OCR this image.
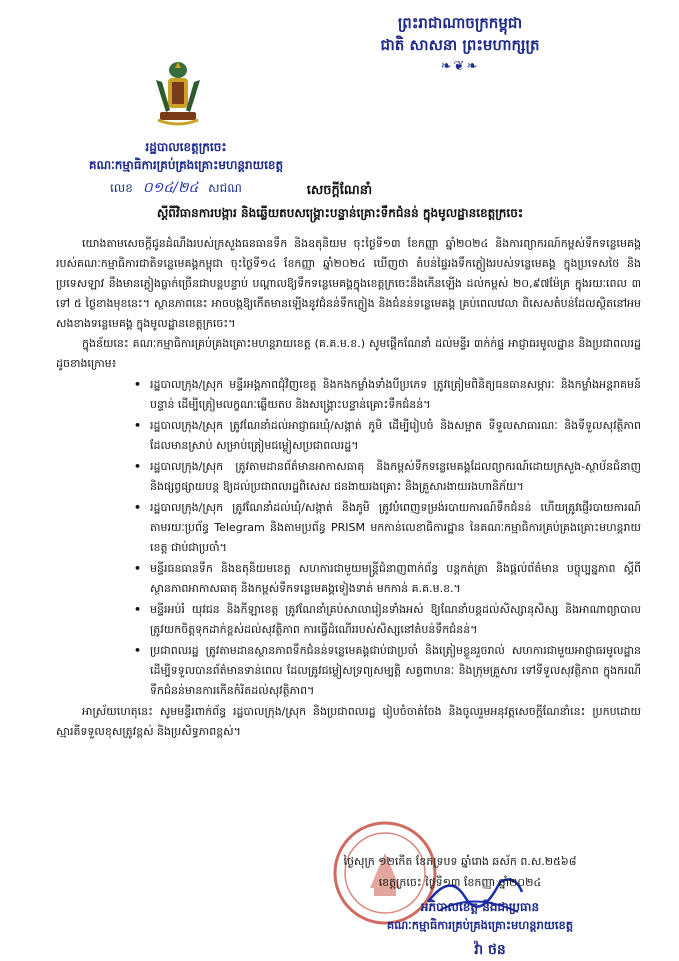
ព្រះរាជាណាចក្រកម្ពុជា
ជាតិ សាសនា ព្រះមហាក្សត្រ
❧❦❧
រដ្ឋបាលខេត្តក្រចេះ
គណៈកម្មាធិការគ្រប់គ្រងគ្រោះមហន្តរាយខេត្ត
លេខ ០១៤/២៤ សជណ	សេចក្តីណែនាំ
ស្តីពីវិធានការបង្ការ និងឆ្លើយតបសង្រ្គោះបន្ទាន់គ្រោះទឹកជំនន់ ក្នុងមូលដ្ឋានខេត្តក្រចេះ

យោងតាមសេចក្តីជូនដំណឹងរបស់ក្រសួងធនធានទឹក និងឧតុនិយម ចុះថ្ងៃទី១៣ ខែកញ្ញា ឆ្នាំ២០២៤ និងការព្យាករណ៍កម្ពស់ទឹកទន្លេមេគង្គរបស់គណៈកម្មាធិការជាតិទន្លេមេគង្គកម្ពុជា ចុះថ្ងៃទី១៤ ខែកញ្ញា ឆ្នាំ២០២៤ ឃើញថា តំបន់ផ្ទៃរងទឹកភ្លៀងរបស់ទន្លេមេគង្គ ក្នុងប្រទេសថៃ និងប្រទេសឡាវ នឹងមានភ្លៀងធ្លាក់ច្រើនជាបន្តបន្ទាប់ បណ្តាលឱ្យទឹកទន្លេមេគង្គក្នុងខេត្តក្រចេះនឹងកើនឡើង ដល់កម្ពស់ ២០,៩៧ម៉ែត្រ ក្នុងរយៈពេល ៣ ទៅ ៥ ថ្ងៃខាងមុខនេះ។ ស្ថានភាពនេះ អាចបង្កឱ្យកើតមានឡើងនូវជំនន់ទឹកភ្លៀង និងជំនន់ទន្លេមេគង្គ គ្រប់ពេលវេលា ពិសេសតំបន់ដែលស្ថិតនៅអមសងខាងទន្លេមេគង្គ ក្នុងមូលដ្ឋានខេត្តក្រចេះ។

ក្នុងន័យនេះ គណៈកម្មាធិការគ្រប់គ្រងគ្រោះមហន្តរាយខេត្ត (គ.គ.ម.ខ.) សូមផ្តើកណែនាំ ដល់មន្ទីរ ៣ក់ក់ផ្ទ អាជ្ញាធរមូលដ្ឋាន និងប្រជាពលរដ្ឋ ដូចខាងក្រោម៖

• រដ្ឋបាលក្រុង/ស្រុក មន្ទីរអង្គភាពជុំវិញខេត្ត និងកងកម្លាំងទាំងបីប្រភេទ ត្រូវត្រៀមពិនិត្យធនធានសម្ភារៈ និងកម្លាំងអន្តរាគមន៍បន្ទាន់ ដើម្បីត្រៀមលក្ខណៈឆ្លើយតប និងសង្គ្រោះបន្ទាន់គ្រោះទឹកជំនន់។
• រដ្ឋបាលក្រុង/ស្រុក ត្រូវណែនាំដល់អាជ្ញាធរឃុំ/សង្កាត់ ភូមិ ដើម្បីរៀបចំ និងសម្អាត ទីទួលសាធារណៈ និងទីទួលសុវត្ថិភាព ដែលមានស្រាប់ សម្រាប់ត្រៀមជម្លៀសប្រជាពលរដ្ឋ។
• រដ្ឋបាលក្រុង/ស្រុក ត្រូវតាមដានព័ត៌មានអាកាសធាតុ និងកម្ពស់ទឹកទន្លេមេគង្គដែលព្យាករណ៍ដោយក្រសួង-ស្ថាប័នជំនាញ និងផ្សព្វផ្សាយបន្ត ឱ្យដល់ប្រជាពលរដ្ឋពិសេស ជនងាយរងគ្រោះ និងគ្រួសារងាយរងហានិភ័យ។
• រដ្ឋបាលក្រុង/ស្រុក ត្រូវណែនាំដល់ឃុំ/សង្កាត់ និងភូមិ ត្រូវបំពេញទម្រង់របាយការណ៍ទឹកជំនន់ ហើយត្រូវផ្ញើរបាយការណ៍តាមរយៈប្រព័ន្ធ Telegram និងតាមប្រព័ន្ធ PRISM មកកាន់លេខាធិការដ្ឋាន នៃគណៈកម្មាធិការគ្រប់គ្រងគ្រោះមហន្តរាយខេត្ត ជាប់ជាប្រចាំ។
• មន្ទីរធនធានទឹក និងឧតុនិយមខេត្ត សហការជាមួយមន្ត្រីជំនាញពាក់ព័ន្ធ បន្តកត់ត្រា និងផ្តល់ព័ត៌មាន បច្ចុប្បន្នភាព ស្តីពីស្ថានភាពអាកាសធាតុ និងកម្ពស់ទឹកទន្លេមេគង្គទៀងទាត់ មកកាន់ គ.គ.ម.ខ.។
• មន្ទីរអប់រំ យុវជន និងកីឡាខេត្ត ត្រូវណែនាំគ្រប់សាលារៀនទាំងអស់ ឱ្យណែនាំបន្តដល់សិស្សានុសិស្ស និងអាណាព្យាបាល ត្រូវយកចិត្តទុកដាក់ខ្ពស់ដល់សុវត្ថិភាព ការធ្វើដំណើររបស់សិស្សនៅតំបន់ទឹកជំនន់។
• ប្រជាពលរដ្ឋ ត្រូវតាមដានស្ថានភាពទឹកជំនន់ទន្លេមេគង្គជាប់ជាប្រចាំ និងត្រៀមខ្លួនរួចរាល់ សហការជាមួយអាជ្ញាធរមូលដ្ឋាន ដើម្បីទទួលបានព័ត៌មានទាន់ពេល ដែលត្រូវជម្លៀសទ្រព្យសម្បត្តិ សត្វពាហនៈ និងក្រុមគ្រួសារ ទៅទីទួលសុវត្ថិភាព ក្នុងករណីទឹកជំនន់មានការកើនកំរិតដល់សុវត្ថិភាព។

អាស្រ័យហេតុនេះ សូមមន្ទីរពាក់ព័ន្ធ រដ្ឋបាលក្រុង/ស្រុក និងប្រជាពលរដ្ឋ រៀបចំចាត់ចែង និងចូលរួមអនុវត្តសេចក្តីណែនាំនេះ ប្រកបដោយស្មារតីទទួលខុសត្រូវខ្ពស់ និងប្រសិទ្ធភាពខ្ពស់។

ថ្ងៃសុក្រ ១២កើត ខែភទ្របទ ឆ្នាំរោង ឆស័ក ព.ស.២៥៦៨
ខេត្តក្រចេះ ថ្ងៃទី១៣ ខែកញ្ញា ឆ្នាំ២០២៤
អភិបាលខេត្ត និងជាប្រធាន
គណៈកម្មាធិការគ្រប់គ្រងគ្រោះមហន្តរាយខេត្ត
វ៉ា ថន
